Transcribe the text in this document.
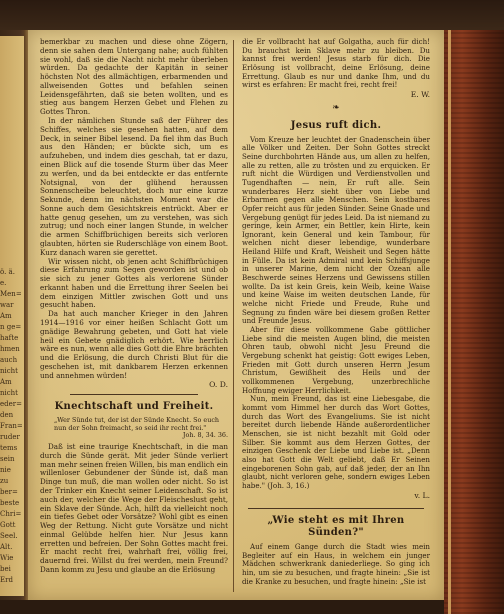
ö. ä.
e.
Men=
war
Am
n ge=
hafte
hmen
auch
nicht
Am
nicht
eder=
den
Fran=
ruder
tems
sein
nie
zu
ber=
beste
Chri=
Gott
Seel.
Alt.
Wie
bei
Erd

bemerkbar zu machen und diese ohne Zögern, denn sie sahen dem Untergang nahe; auch fühlten sie wohl, daß sie die Nacht nicht mehr überleben würden. Da gedachte der Kapitän in seiner höchsten Not des allmächtigen, erbarmenden und allweisenden Gottes und befahlen seinen Leidensgefährten, daß sie beten wollten, und es stieg aus bangem Herzen Gebet und Flehen zu Gottes Thron.

In der nämlichen Stunde saß der Führer des Schiffes, welches sie gesehen hatten, auf dem Deck, in seiner Bibel lesend. Da fiel ihm das Buch aus den Händen; er bückte sich, um es aufzuheben, und indem dies geschah, tat er dazu, einen Blick auf die tosende Sturm über das Meer zu werfen, und da bei entdeckte er das entfernte Notsignal, von der glühend heraussen Sonnenscheibe beleuchtet, doch nur eine kurze Sekunde, denn im nächsten Moment war die Sonne auch dem Gesichtskreis entrückt. Aber er hatte genug gesehen, um zu verstehen, was sich zutrug; und noch einer langen Stunde, in welcher die armen Schiffbrüchigen bereits sich verloren glaubten, hörten sie Ruderschläge von einem Boot. Kurz danach waren sie gerettet.

Wir wissen nicht, ob jenen acht Schiffbrüchigen diese Erfahrung zum Segen geworden ist und ob sie sich zu jener Gottes als verlorene Sünder erkannt haben und die Errettung ihrer Seelen bei dem einzigen Mittler zwischen Gott und uns gesucht haben.

Da hat auch mancher Krieger in den Jahren 1914—1916 vor einer heißen Schlacht Gott um gnädige Bewahrung gebeten, und Gott hat viele heil ein Gebete gnädiglich erhört. Wie herrlich wäre es nun, wenn alle dies Gott die Ehre brächten und die Erlösung, die durch Christi Blut für die geschehen ist, mit dankbarem Herzen erkennen und annehmen würden!

O. D.
Knechtschaft und Freiheit.
„Wer Sünde tut, der ist der Sünde Knecht. So euch nun der Sohn freimacht, so seid ihr recht frei."
Joh. 8, 34. 36.

Daß ist eine traurige Knechtschaft, in die man durch die Sünde gerät. Mit jeder Sünde verliert man mehr seinen freien Willen, bis man endlich ein willenloser Gebundener der Sünde ist, daß man Dinge tun muß, die man wollen oder nicht. So ist der Trinker ein Knecht seiner Leidenschaft. So ist auch der, welcher die Wege der Fleischeslust geht, ein Sklave der Sünde. Ach, hilft da vielleicht noch ein tiefes Gebet oder Vorsätze? Wohl gibt es einen Weg der Rettung. Nicht gute Vorsätze und nicht einmal Gelübde helfen hier. Nur Jesus kann erretten und befreien. Der Sohn Gottes macht frei. Er macht recht frei, wahrhaft frei, völlig frei, dauernd frei. Willst du frei werden, mein Freund? Dann komm zu Jesu und glaube an die Erlösung

die Er vollbracht hat auf Golgatha, auch für dich! Du brauchst kein Sklave mehr zu bleiben. Du kannst frei werden! Jesus starb für dich. Die Erlösung ist vollbracht, deine Erlösung, deine Errettung. Glaub es nur und danke Ihm, und du wirst es erfahren: Er macht frei, recht frei!

E. W.
❧
Jesus ruft dich.

Vom Kreuze her leuchtet der Gnadenschein über alle Völker und Zeiten. Der Sohn Gottes streckt Seine durchbohrten Hände aus, um allen zu helfen, alle zu retten, alle zu trösten und zu erquicken. Er ruft nicht die Würdigen und Verdienstvollen und Tugendhaften — nein, Er ruft alle. Sein wunderbares Herz sieht über von Liebe und Erbarmen gegen alle Menschen. Sein kostbares Opfer reicht aus für jeden Sünder. Seine Gnade und Vergebung genügt für jedes Leid. Da ist niemand zu geringe, kein Armer, ein Bettler, kein Hirte, kein Ignorant, kein General und kein Tambour, für welchen nicht dieser lebendige, wunderbare Heiland Hilfe und Kraft, Weisheit und Segen hätte in Fülle. Da ist kein Admiral und kein Schiffsjunge in unserer Marine, dem nicht der Ozean alle Beschwerde seines Herzens und Gewissens stillen wollte. Da ist kein Greis, kein Weib, keine Waise und keine Waise im weiten deutschen Lande, für welche nicht Friede und Freude, Ruhe und Segnung zu finden wäre bei diesem großen Retter und Freunde Jesus.

Aber für diese vollkommene Gabe göttlicher Liebe sind die meisten Augen blind, die meisten Ohren taub, obwohl nicht Jesu Freund die Vergebung schenkt hat geistig: Gott ewiges Leben, Frieden mit Gott durch unseren Herrn Jesum Christum, Gewißheit des Heils und der vollkommenen Vergebung, unzerbrechliche Hoffnung ewiger Herrlichkeit.

Nun, mein Freund, das ist eine Liebesgabe, die kommt vom Himmel her durch das Wort Gottes, durch das Wort des Evangeliums. Sie ist nicht bereitet durch liebende Hände außerordentlicher Menschen, sie ist nicht bezahlt mit Gold oder Silber. Sie kommt aus dem Herzen Gottes, der einzigen Geschenk der Liebe und Liebe ist. „Denn also hat Gott die Welt geliebt, daß Er Seinen eingeborenen Sohn gab, auf daß jeder, der an Ihn glaubt, nicht verloren gehe, sondern ewiges Leben habe." (Joh. 3, 16.)

v. L.
„Wie steht es mit Ihren Sünden?"

Auf einem Gange durch die Stadt wies mein Begleiter auf ein Haus, in welchem ein junger Mädchen schwerkrank daniederliege. So ging ich hin, um sie zu besuchen, und fragte hinein: „Sie ist die Kranke zu besuchen, und fragte hinein: „Sie ist
